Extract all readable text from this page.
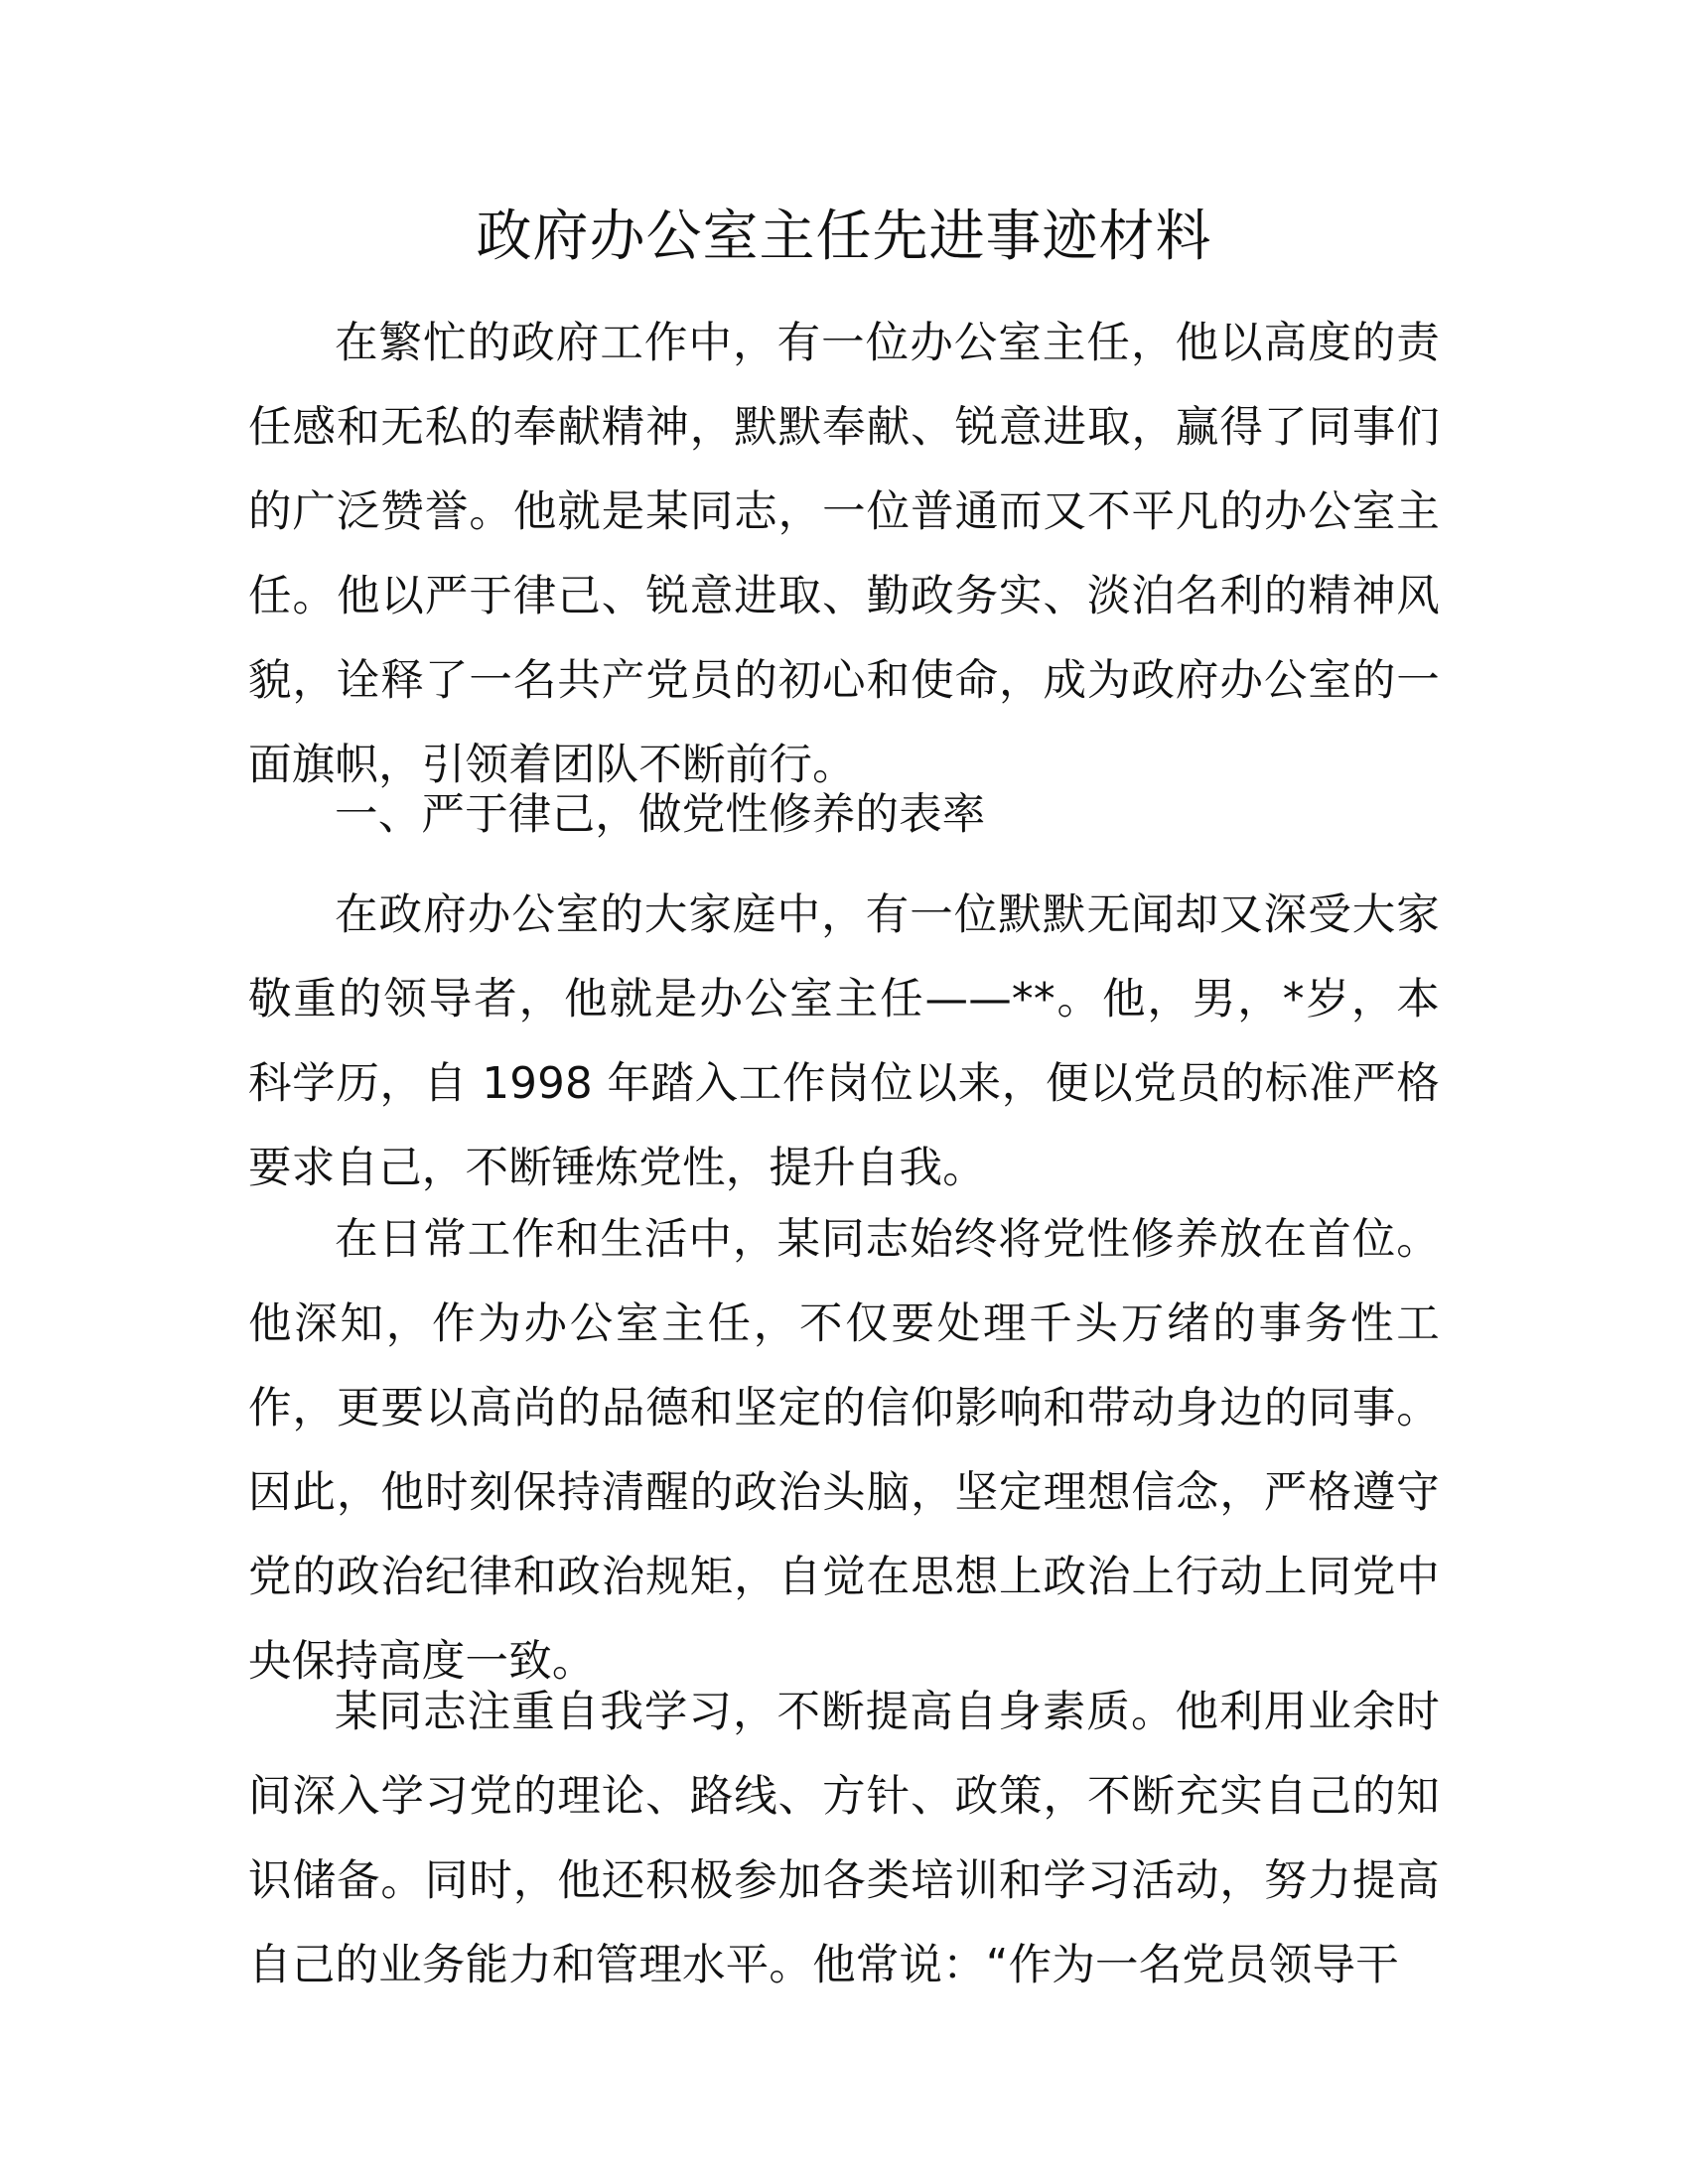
政府办公室主任先进事迹材料

在繁忙的政府工作中，有一位办公室主任，他以高度的责任感和无私的奉献精神，默默奉献、锐意进取，赢得了同事们的广泛赞誉。他就是某同志，一位普通而又不平凡的办公室主任。他以严于律己、锐意进取、勤政务实、淡泊名利的精神风貌，诠释了一名共产党员的初心和使命，成为政府办公室的一面旗帜，引领着团队不断前行。

一、严于律己，做党性修养的表率

在政府办公室的大家庭中，有一位默默无闻却又深受大家敬重的领导者，他就是办公室主任——**。他，男，*岁，本科学历，自 1998 年踏入工作岗位以来，便以党员的标准严格要求自己，不断锤炼党性，提升自我。

在日常工作和生活中，某同志始终将党性修养放在首位。他深知，作为办公室主任，不仅要处理千头万绪的事务性工作，更要以高尚的品德和坚定的信仰影响和带动身边的同事。因此，他时刻保持清醒的政治头脑，坚定理想信念，严格遵守党的政治纪律和政治规矩，自觉在思想上政治上行动上同党中央保持高度一致。

某同志注重自我学习，不断提高自身素质。他利用业余时间深入学习党的理论、路线、方针、政策，不断充实自己的知识储备。同时，他还积极参加各类培训和学习活动，努力提高自己的业务能力和管理水平。他常说：“作为一名党员领导干
